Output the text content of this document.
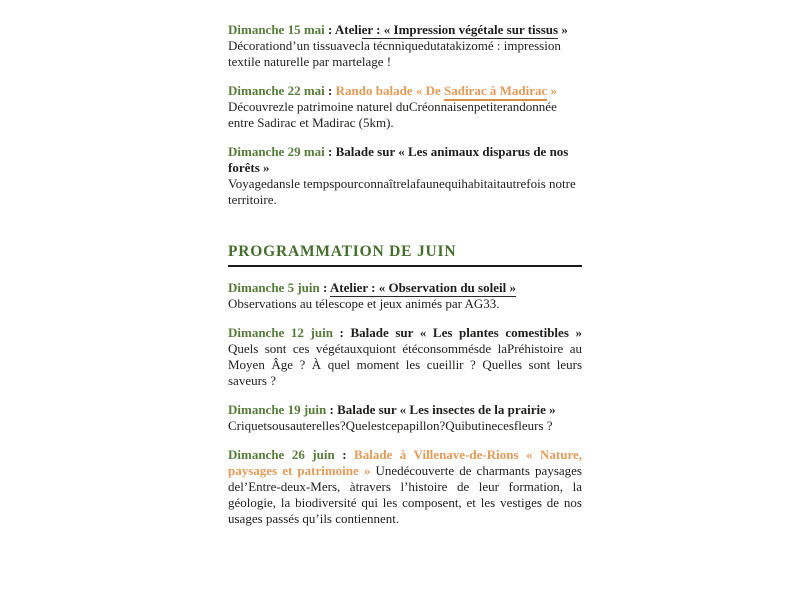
Dimanche 15 mai : Atelier : « Impression végétale sur tissus »
Décorationd’un tissuavecla técnniquedutatakizomé : impression textile naturelle par martelage !
Dimanche 22 mai : Rando balade « De Sadirac à Madirac »
Découvrezle patrimoine naturel duCréonnaisenpetiterandonnée entre Sadirac et Madirac (5km).
Dimanche 29 mai : Balade sur « Les animaux disparus de nos forêts »
Voyagedansle tempspourconnaîtrelafaunequihabitaitautrefois notre territoire.
PROGRAMMATION DE JUIN
Dimanche 5 juin : Atelier : « Observation du soleil »
Observations au télescope et jeux animés par AG33.
Dimanche 12 juin : Balade sur « Les plantes comestibles » Quels sont ces végétauxquiont étéconsommésde laPréhistoire au Moyen Âge ? À quel moment les cueillir ? Quelles sont leurs saveurs ?
Dimanche 19 juin : Balade sur « Les insectes de la prairie »
Criquetsousauterelles?Quelestcepapillon?Quibutinecesfleurs ?
Dimanche 26 juin : Balade à Villenave-de-Rions « Nature, paysages et patrimoine » Unedécouverte de charmants paysages del’Entre-deux-Mers, àtravers l’histoire de leur formation, la géologie, la biodiversité qui les composent, et les vestiges de nos usages passés qu’ils contiennent.
